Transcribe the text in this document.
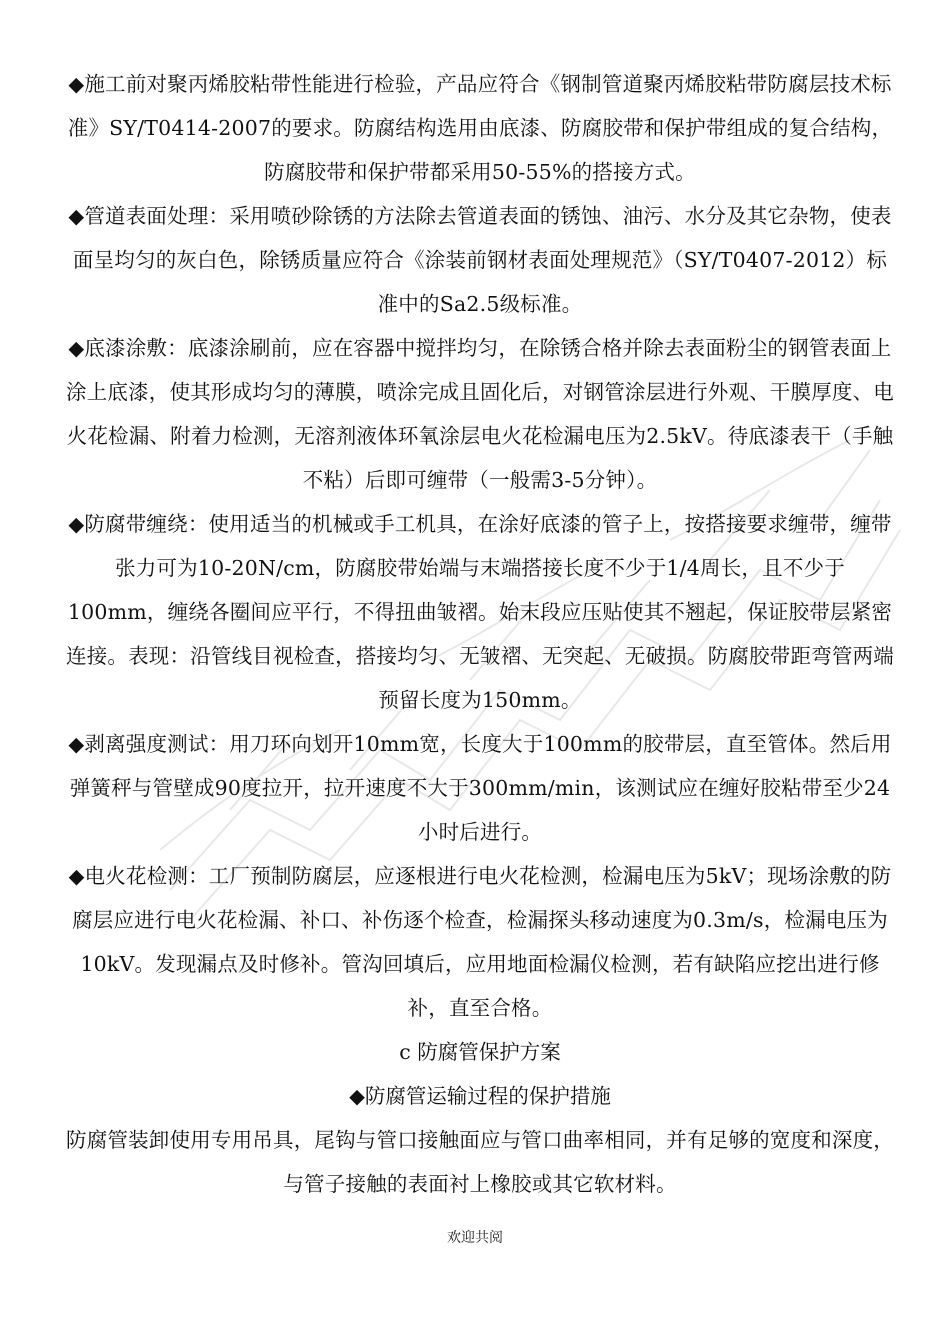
◆施工前对聚丙烯胶粘带性能进行检验，产品应符合《钢制管道聚丙烯胶粘带防腐层技术标准》SY/T0414-2007的要求。防腐结构选用由底漆、防腐胶带和保护带组成的复合结构，防腐胶带和保护带都采用50-55%的搭接方式。

◆管道表面处理：采用喷砂除锈的方法除去管道表面的锈蚀、油污、水分及其它杂物，使表面呈均匀的灰白色，除锈质量应符合《涂装前钢材表面处理规范》（SY/T0407-2012）标准中的Sa2.5级标准。

◆底漆涂敷：底漆涂刷前，应在容器中搅拌均匀，在除锈合格并除去表面粉尘的钢管表面上涂上底漆，使其形成均匀的薄膜，喷涂完成且固化后，对钢管涂层进行外观、干膜厚度、电火花检漏、附着力检测，无溶剂液体环氧涂层电火花检漏电压为2.5kV。待底漆表干（手触不粘）后即可缠带（一般需3-5分钟）。

◆防腐带缠绕：使用适当的机械或手工机具，在涂好底漆的管子上，按搭接要求缠带，缠带张力可为10-20N/cm，防腐胶带始端与末端搭接长度不少于1/4周长，且不少于100mm，缠绕各圈间应平行，不得扭曲皱褶。始末段应压贴使其不翘起，保证胶带层紧密连接。表现：沿管线目视检查，搭接均匀、无皱褶、无突起、无破损。防腐胶带距弯管两端预留长度为150mm。

◆剥离强度测试：用刀环向划开10mm宽，长度大于100mm的胶带层，直至管体。然后用弹簧秤与管壁成90度拉开，拉开速度不大于300mm/min，该测试应在缠好胶粘带至少24小时后进行。

◆电火花检测：工厂预制防腐层，应逐根进行电火花检测，检漏电压为5kV；现场涂敷的防腐层应进行电火花检漏、补口、补伤逐个检查，检漏探头移动速度为0.3m/s，检漏电压为10kV。发现漏点及时修补。管沟回填后，应用地面检漏仪检测，若有缺陷应挖出进行修补，直至合格。

c 防腐管保护方案
◆防腐管运输过程的保护措施

防腐管装卸使用专用吊具，尾钩与管口接触面应与管口曲率相同，并有足够的宽度和深度，与管子接触的表面衬上橡胶或其它软材料。

欢迎共阅
